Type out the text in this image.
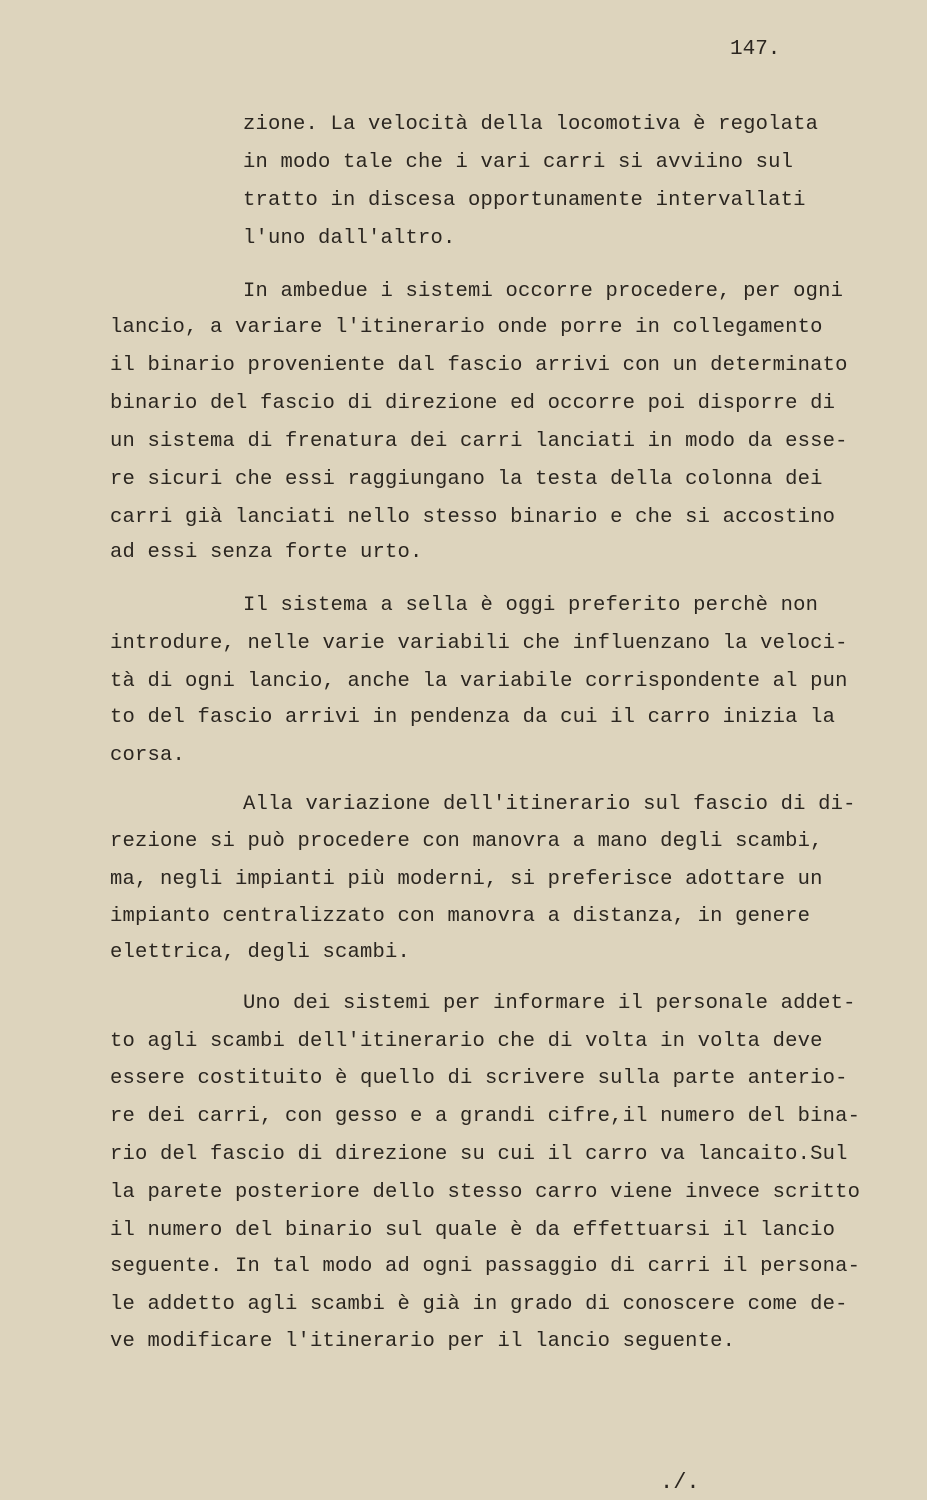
147.
zione. La velocità della locomotiva è regolata
in modo tale che i vari carri si avviino sul
tratto in discesa opportunamente intervallati
l'uno dall'altro.
In ambedue i sistemi occorre procedere, per ogni
lancio, a variare l'itinerario onde porre in collegamento
il binario proveniente dal fascio arrivi con un determinato
binario del fascio di direzione ed occorre poi disporre di
un sistema di frenatura dei carri lanciati in modo da esse-
re sicuri che essi raggiungano la testa della colonna dei
carri già lanciati nello stesso binario e che si accostino
ad essi senza forte urto.
Il sistema a sella è oggi preferito perchè non
introdure, nelle varie variabili che influenzano la veloci-
tà di ogni lancio, anche la variabile corrispondente al pun
to del fascio arrivi in pendenza da cui il carro inizia la
corsa.
Alla variazione dell'itinerario sul fascio di di-
rezione si può procedere con manovra a mano degli scambi,
ma, negli impianti più moderni, si preferisce adottare un
impianto centralizzato con manovra a distanza, in genere
elettrica, degli scambi.
Uno dei sistemi per informare il personale addet-
to agli scambi dell'itinerario che di volta in volta deve
essere costituito è quello di scrivere sulla parte anterio-
re dei carri, con gesso e a grandi cifre,il numero del bina-
rio del fascio di direzione su cui il carro va lancaito.Sul
la parete posteriore dello stesso carro viene invece scritto
il numero del binario sul quale è da effettuarsi il lancio
seguente. In tal modo ad ogni passaggio di carri il persona-
le addetto agli scambi è già in grado di conoscere come de-
ve modificare l'itinerario per il lancio seguente.
./.
